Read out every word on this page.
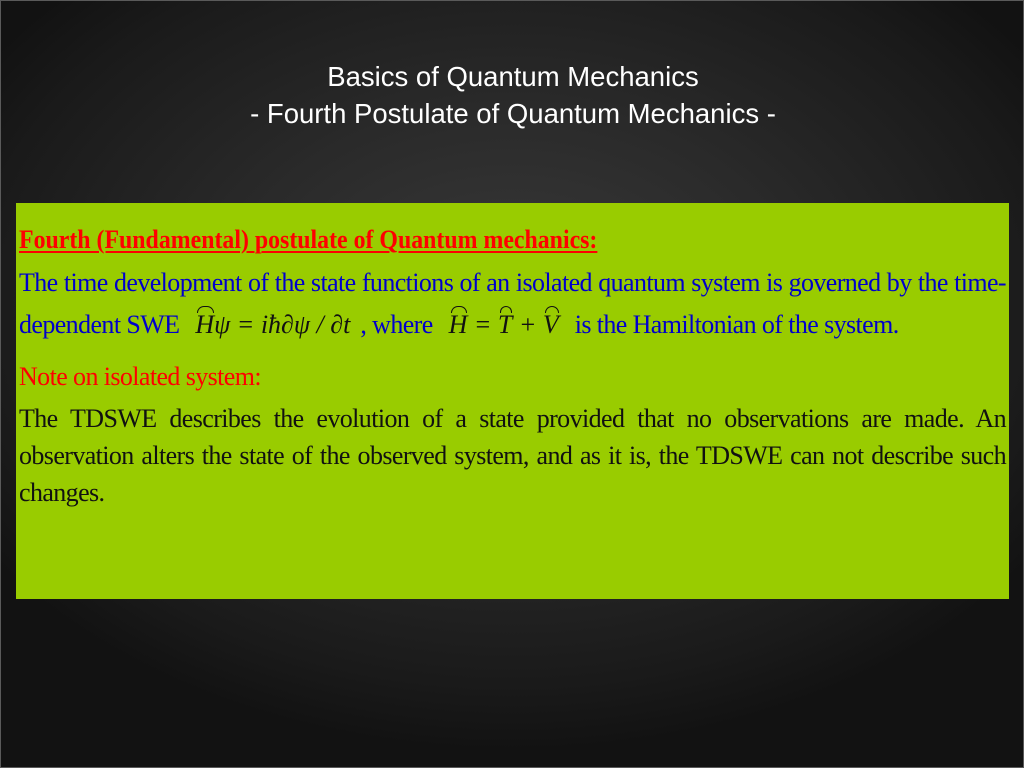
Basics of Quantum Mechanics
- Fourth Postulate of Quantum Mechanics -
Fourth (Fundamental) postulate of Quantum mechanics:
The time development of the state functions of an isolated quantum system is governed by the time-dependent SWE Hψ = iħ∂ψ / ∂t , where H = T + V is the Hamiltonian of the system.
Note on isolated system:
The TDSWE describes the evolution of a state provided that no observations are made. An observation alters the state of the observed system, and as it is, the TDSWE can not describe such changes.
